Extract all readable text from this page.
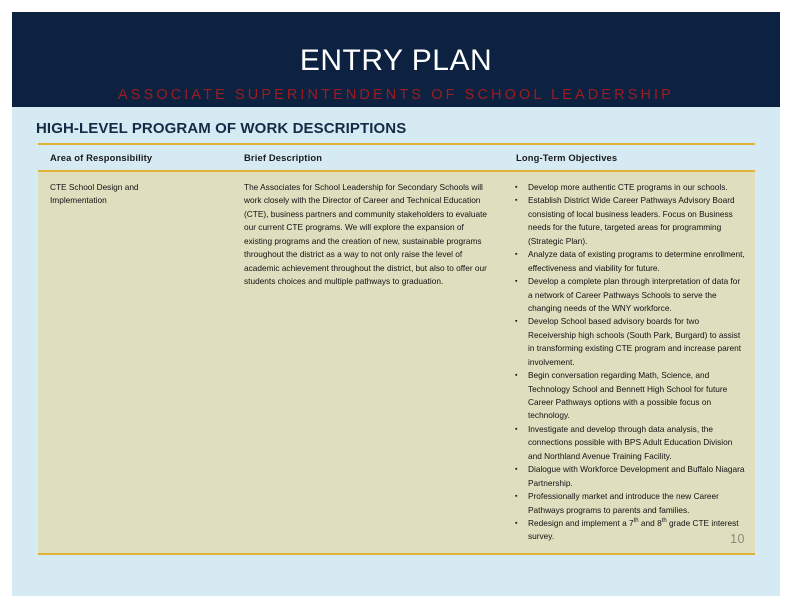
ENTRY PLAN
ASSOCIATE SUPERINTENDENTS OF SCHOOL LEADERSHIP
HIGH-LEVEL PROGRAM OF WORK DESCRIPTIONS
Area of Responsibility	Brief Description	Long-Term Objectives

CTE School Design and
Implementation

The Associates for School Leadership for Secondary Schools will work closely with the Director of Career and Technical Education (CTE), business partners and community stakeholders to evaluate our current CTE programs. We will explore the expansion of existing programs and the creation of new, sustainable programs throughout the district as a way to not only raise the level of academic achievement throughout the district, but also to offer our students choices and multiple pathways to graduation.

▪ Develop more authentic CTE programs in our schools.
▪ Establish District Wide Career Pathways Advisory Board consisting of local business leaders. Focus on Business needs for the future, targeted areas for programming (Strategic Plan).
▪ Analyze data of existing programs to determine enrollment, effectiveness and viability for future.
▪ Develop a complete plan through interpretation of data for a network of Career Pathways Schools to serve the changing needs of the WNY workforce.
▪ Develop School based advisory boards for two Receivership high schools (South Park, Burgard) to assist in transforming existing CTE program and increase parent involvement.
▪ Begin conversation regarding Math, Science, and Technology School and Bennett High School for future Career Pathways options with a possible focus on technology.
▪ Investigate and develop through data analysis, the connections possible with BPS Adult Education Division and Northland Avenue Training Facility.
▪ Dialogue with Workforce Development and Buffalo Niagara Partnership.
▪ Professionally market and introduce the new Career Pathways programs to parents and families.
▪ Redesign and implement a 7th and 8th grade CTE interest survey.	10
